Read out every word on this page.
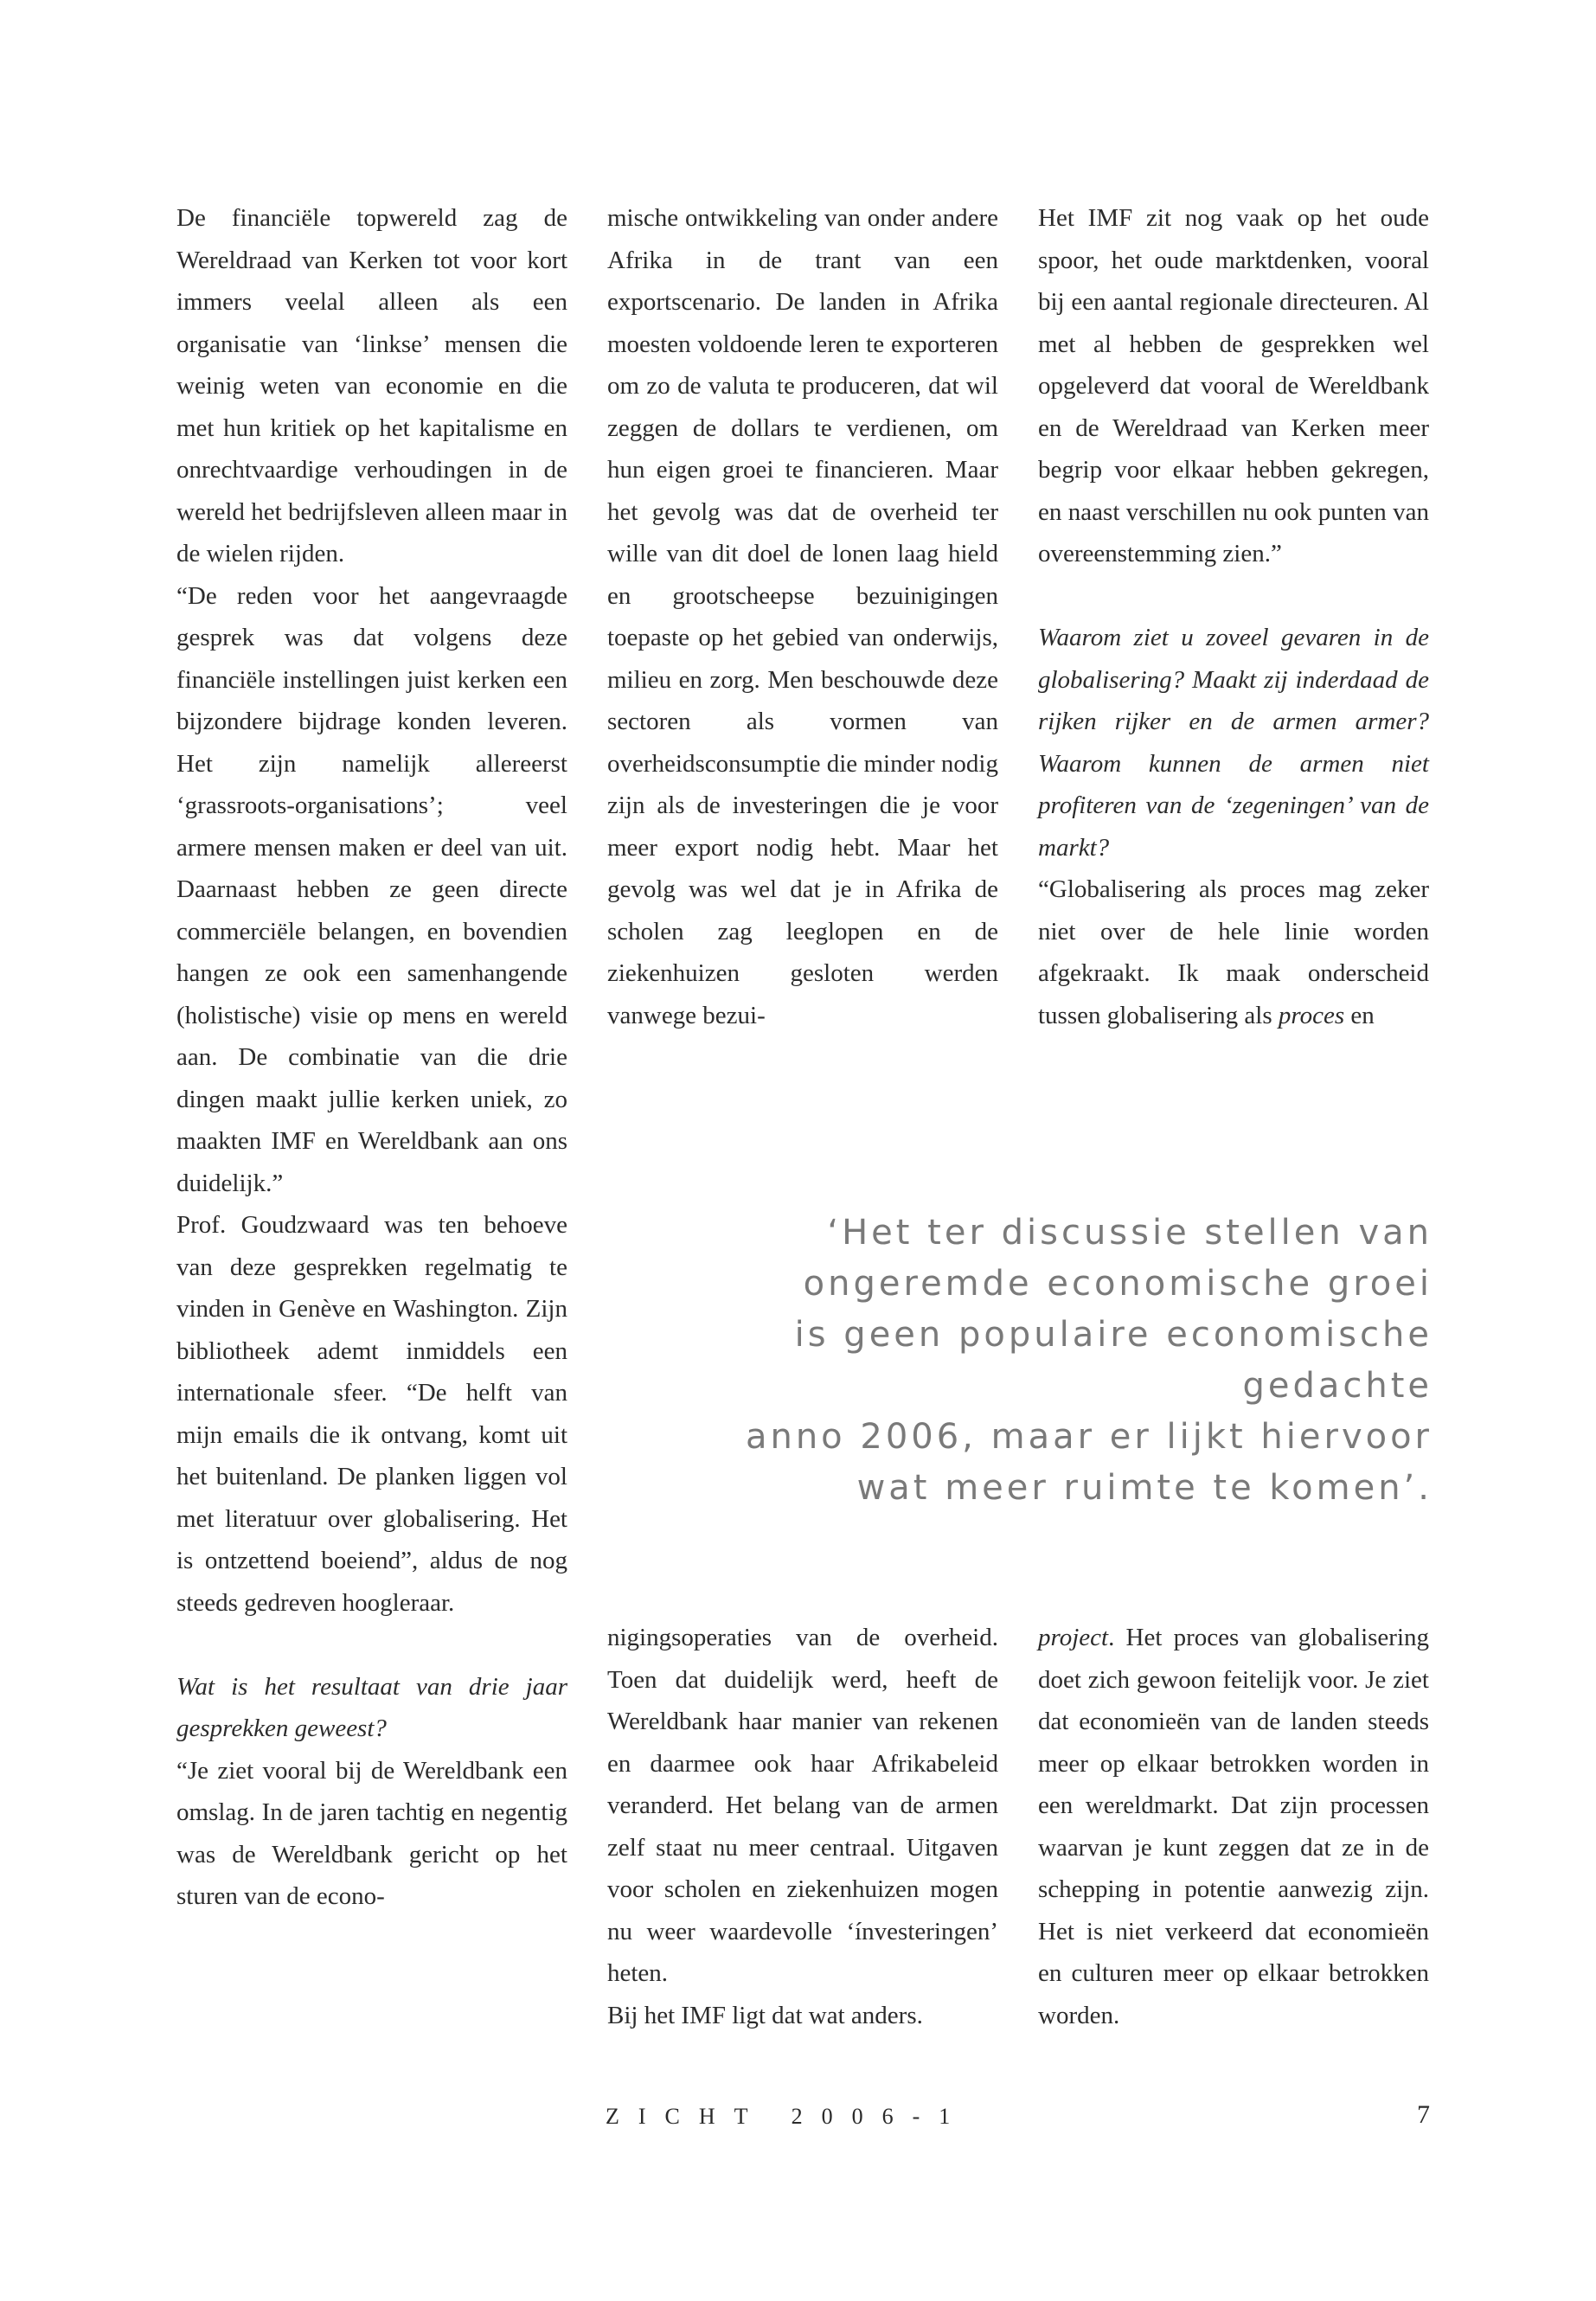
De financiële topwereld zag de Wereldraad van Kerken tot voor kort immers veelal alleen als een organisatie van ‘linkse’ mensen die weinig weten van economie en die met hun kritiek op het kapitalisme en onrechtvaardige verhoudingen in de wereld het bedrijfsleven alleen maar in de wielen rijden.

“De reden voor het aangevraagde gesprek was dat volgens deze financiële instellingen juist kerken een bijzondere bijdrage konden leveren. Het zijn namelijk allereerst ‘grassroots-organisations’; veel armere mensen maken er deel van uit. Daarnaast hebben ze geen directe commerciële belangen, en bovendien hangen ze ook een samenhangende (holistische) visie op mens en wereld aan. De combinatie van die drie dingen maakt jullie kerken uniek, zo maakten IMF en Wereldbank aan ons duidelijk.”

Prof. Goudzwaard was ten behoeve van deze gesprekken regelmatig te vinden in Genève en Washington. Zijn bibliotheek ademt inmiddels een internationale sfeer. “De helft van mijn emails die ik ontvang, komt uit het buitenland. De planken liggen vol met literatuur over globalisering. Het is ontzettend boeiend”, aldus de nog steeds gedreven hoogleraar.

Wat is het resultaat van drie jaar gesprekken geweest?

“Je ziet vooral bij de Wereldbank een omslag. In de jaren tachtig en negentig was de Wereldbank gericht op het sturen van de econo-

mische ontwikkeling van onder andere Afrika in de trant van een exportscenario. De landen in Afrika moesten voldoende leren te exporteren om zo de valuta te produceren, dat wil zeggen de dollars te verdienen, om hun eigen groei te financieren. Maar het gevolg was dat de overheid ter wille van dit doel de lonen laag hield en grootscheepse bezuinigingen toepaste op het gebied van onderwijs, milieu en zorg. Men beschouwde deze sectoren als vormen van overheidsconsumptie die minder nodig zijn als de investeringen die je voor meer export nodig hebt. Maar het gevolg was wel dat je in Afrika de scholen zag leeglopen en de ziekenhuizen gesloten werden vanwege bezui-

Het IMF zit nog vaak op het oude spoor, het oude marktdenken, vooral bij een aantal regionale directeuren. Al met al hebben de gesprekken wel opgeleverd dat vooral de Wereldbank en de Wereldraad van Kerken meer begrip voor elkaar hebben gekregen, en naast verschillen nu ook punten van overeenstemming zien.”

Waarom ziet u zoveel gevaren in de globalisering? Maakt zij inderdaad de rijken rijker en de armen armer? Waarom kunnen de armen niet profiteren van de ‘zegeningen’ van de markt?

“Globalisering als proces mag zeker niet over de hele linie worden afgekraakt. Ik maak onderscheid tussen globalisering als proces en

‘Het ter discussie stellen van
ongeremde economische groei
is geen populaire economische gedachte
anno 2006, maar er lijkt hiervoor
wat meer ruimte te komen’.

nigingsoperaties van de overheid. Toen dat duidelijk werd, heeft de Wereldbank haar manier van rekenen en daarmee ook haar Afrikabeleid veranderd. Het belang van de armen zelf staat nu meer centraal. Uitgaven voor scholen en ziekenhuizen mogen nu weer waardevolle ‘ínvesteringen’ heten.

Bij het IMF ligt dat wat anders.

project. Het proces van globalisering doet zich gewoon feitelijk voor. Je ziet dat economieën van de landen steeds meer op elkaar betrokken worden in een wereldmarkt. Dat zijn processen waarvan je kunt zeggen dat ze in de schepping in potentie aanwezig zijn. Het is niet verkeerd dat economieën en culturen meer op elkaar betrokken worden.

ZICHT 2006-1	7
